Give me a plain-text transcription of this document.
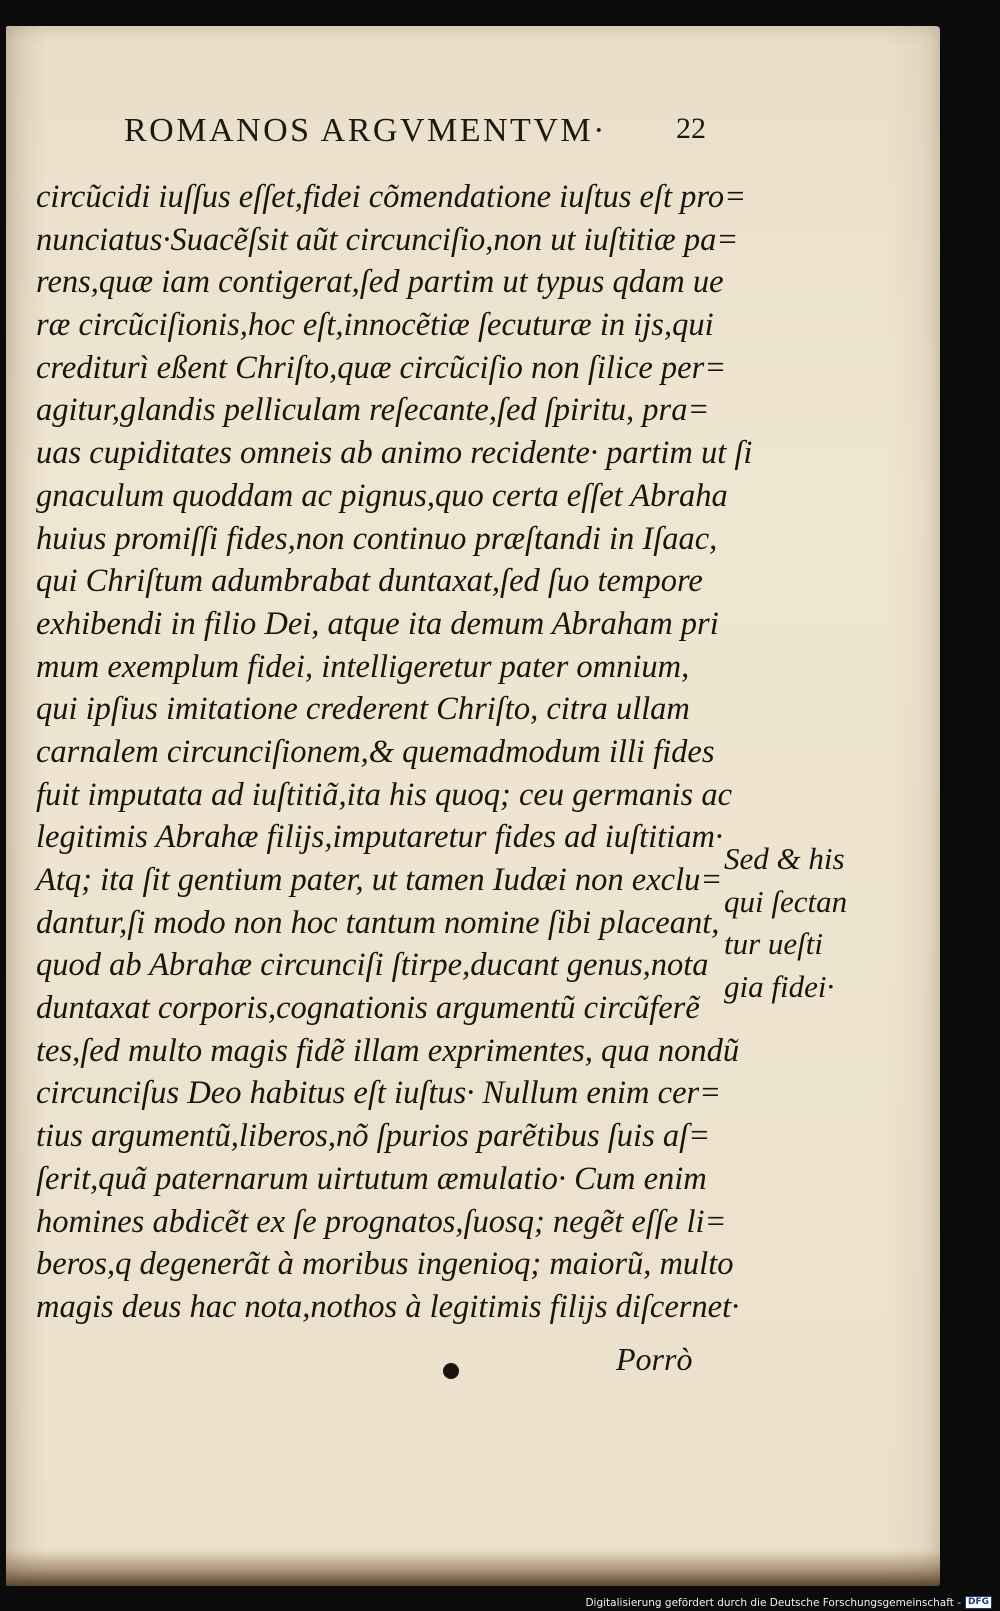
ROMANOS ARGVMENTVM· 22
circũcidi iuſſus eſſet,fidei cõmendatione iuſtus eſt pro=
nunciatus·Suacẽſsit aũt circunciſio,non ut iuſtitiæ pa=
rens,quæ iam contigerat,ſed partim ut typus qdam ue
ræ circũciſionis,hoc eſt,innocẽtiæ ſecuturæ in ijs,qui
crediturì eßent Chriſto,quæ circũciſio non ſilice per=
agitur,glandis pelliculam reſecante,ſed ſpiritu, pra=
uas cupiditates omneis ab animo recidente· partim ut ſi
gnaculum quoddam ac pignus,quo certa eſſet Abraha
huius promiſſi fides,non continuo præſtandi in Iſaac,
qui Chriſtum adumbrabat duntaxat,ſed ſuo tempore
exhibendi in filio Dei, atque ita demum Abraham pri
mum exemplum fidei, intelligeretur pater omnium,
qui ipſius imitatione crederent Chriſto, citra ullam
carnalem circunciſionem,& quemadmodum illi fides
fuit imputata ad iuſtitiã,ita his quoq; ceu germanis ac
legitimis Abrahæ filijs,imputaretur fides ad iuſtitiam·
Atq; ita ſit gentium pater, ut tamen Iudæi non exclu=
dantur,ſi modo non hoc tantum nomine ſibi placeant,
quod ab Abrahæ circunciſi ſtirpe,ducant genus,nota
duntaxat corporis,cognationis argumentũ circũferẽ
tes,ſed multo magis fidẽ illam exprimentes, qua nondũ
circunciſus Deo habitus eſt iuſtus· Nullum enim cer=
tius argumentũ,liberos,nõ ſpurios parẽtibus ſuis aſ=
ſerit,quã paternarum uirtutum æmulatio· Cum enim
homines abdicẽt ex ſe prognatos,ſuosq; negẽt eſſe li=
beros,q degenerãt à moribus ingenioq; maiorũ, multo
magis deus hac nota,nothos à legitimis filijs diſcernet·
Sed & his
qui ſectan
tur ueſti
gia fidei·
Porrò
Digitalisierung gefördert durch die Deutsche Forschungsgemeinschaft - DFG
